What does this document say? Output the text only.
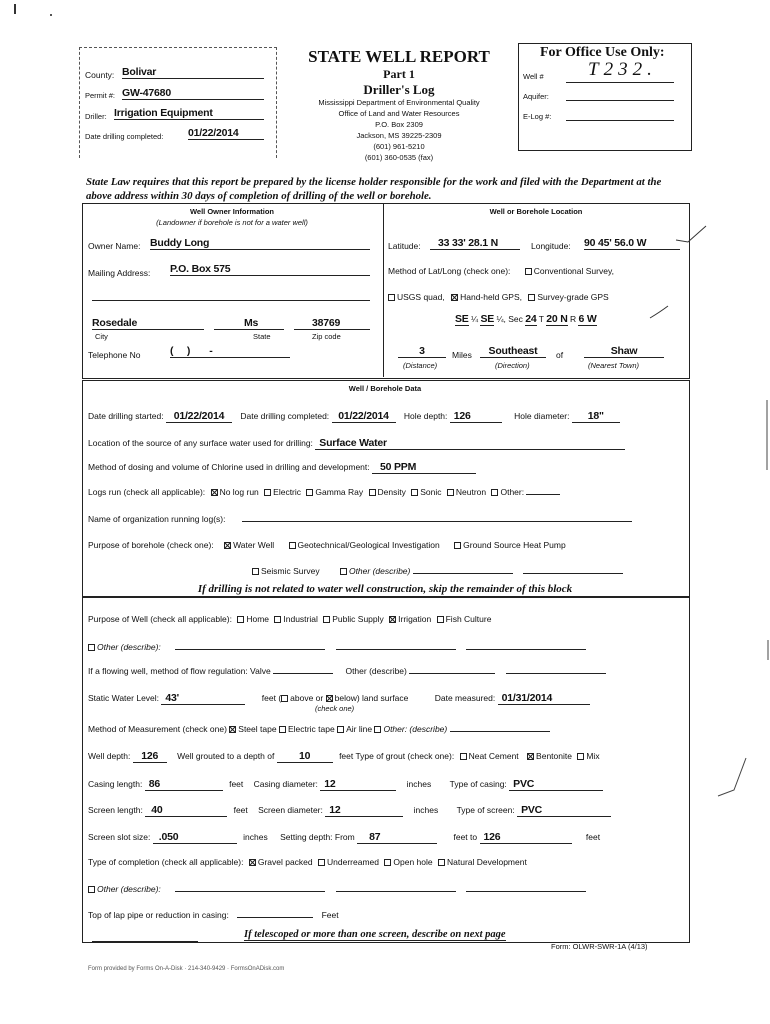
County: Bolivar
Permit #: GW-47680
Driller: Irrigation Equipment
Date drilling completed: 01/22/2014
STATE WELL REPORT
Part 1
Driller's Log
Mississippi Department of Environmental Quality
Office of Land and Water Resources
P.O. Box 2309
Jackson, MS 39225-2309
(601) 961-5210
(601) 360-0535 (fax)
For Office Use Only:
Well # T232.
Aquifer:
E-Log #:
State Law requires that this report be prepared by the license holder responsible for the work and filed with the Department at the above address within 30 days of completion of drilling of the well or borehole.
Well Owner Information
(Landowner if borehole is not for a water well)
Well or Borehole Location
Owner Name: Buddy Long
Mailing Address: P.O. Box 575
Rosedale	Ms	38769
City	State	Zip code
Telephone No	(     )       -
Latitude:	33 33' 28.1 N	Longitude: 90 45' 56.0 W
Method of Lat/Long (check one):	Conventional Survey,
USGS quad, Hand-held GPS, Survey-grade GPS
SE ¼ SE ¼, Sec 24 T 20 N R 6 W
3	Miles	Southeast	of	Shaw
(Distance)	(Direction)	(Nearest Town)
Well / Borehole Data
Date drilling started: 01/22/2014 Date drilling completed: 01/22/2014 Hole depth: 126	Hole diameter: 18"
Location of the source of any surface water used for drilling: Surface Water
Method of dosing and volume of Chlorine used in drilling and development: 50 PPM
Logs run (check all applicable): No log run Electric Gamma Ray Density Sonic Neutron Other:
Name of organization running log(s):
Purpose of borehole (check one): Water Well	Geotechnical/Geological Investigation	Ground Source Heat Pump
Seismic Survey	Other (describe)
If drilling is not related to water well construction, skip the remainder of this block
Purpose of Well (check all applicable): Home Industrial Public Supply Irrigation Fish Culture
Other (describe):
If a flowing well, method of flow regulation: Valve	Other (describe)
Static Water Level: 43'	feet ( above or below) land surface	Date measured: 01/31/2014
(check one)
Method of Measurement (check one) Steel tape Electric tape Air line Other: (describe)
Well depth: 126 Well grouted to a depth of 10	feet Type of grout (check one): Neat Cement Bentonite Mix
Casing length: 86	feet Casing diameter: 12	inches Type of casing: PVC
Screen length: 40	feet Screen diameter: 12	inches Type of screen: PVC
Screen slot size: .050	inches Setting depth: From 87	feet to 126	feet
Type of completion (check all applicable): Gravel packed Underreamed Open hole Natural Development
Other (describe):
Top of lap pipe or reduction in casing:	Feet
If telescoped or more than one screen, describe on next page
Form: OLWR-SWR-1A (4/13)
Form provided by Forms On-A-Disk · 214-340-9429 · FormsOnADisk.com
